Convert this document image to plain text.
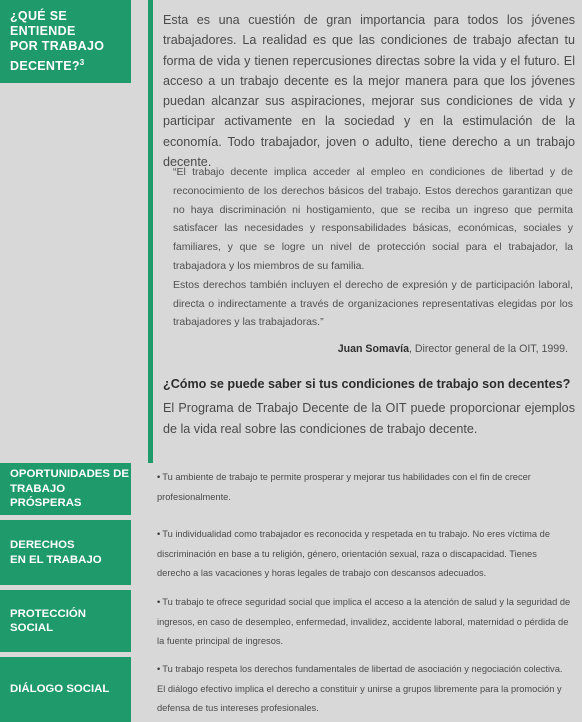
¿QUÉ SE
ENTIENDE
POR TRABAJO
DECENTE?$^3$

Esta es una cuestión de gran importancia para todos los jóvenes trabajadores. La realidad es que las condiciones de trabajo afectan tu forma de vida y tienen repercusiones directas sobre la vida y el futuro. El acceso a un trabajo decente es la mejor manera para que los jóvenes puedan alcanzar sus aspiraciones, mejorar sus condiciones de vida y participar activamente en la sociedad y en la estimulación de la economía. Todo trabajador, joven o adulto, tiene derecho a un trabajo decente.

“El trabajo decente implica acceder al empleo en condiciones de libertad y de reconocimiento de los derechos básicos del trabajo. Estos derechos garantizan que no haya discriminación ni hostigamiento, que se reciba un ingreso que permita satisfacer las necesidades y responsabilidades básicas, económicas, sociales y familiares, y que se logre un nivel de protección social para el trabajador, la trabajadora y los miembros de su familia.

Estos derechos también incluyen el derecho de expresión y de participación laboral, directa o indirectamente a través de organizaciones representativas elegidas por los trabajadores y las trabajadoras.”

Juan Somavía, Director general de la OIT, 1999.
¿Cómo se puede saber si tus condiciones de trabajo son decentes?

El Programa de Trabajo Decente de la OIT puede proporcionar ejemplos de la vida real sobre las condiciones de trabajo decente.

OPORTUNIDADES DE
TRABAJO PRÓSPERAS
• Tu ambiente de trabajo te permite prosperar y mejorar tus habilidades con el fin de crecer profesionalmente.
DERECHOS
EN EL TRABAJO
• Tu individualidad como trabajador es reconocida y respetada en tu trabajo. No eres víctima de discriminación en base a tu religión, género, orientación sexual, raza o discapacidad. Tienes derecho a las vacaciones y horas legales de trabajo con descansos adecuados.
PROTECCIÓN SOCIAL
• Tu trabajo te ofrece seguridad social que implica el acceso a la atención de salud y la seguridad de ingresos, en caso de desempleo, enfermedad, invalidez, accidente laboral, maternidad o pérdida de la fuente principal de ingresos.
DIÁLOGO SOCIAL
• Tu trabajo respeta los derechos fundamentales de libertad de asociación y negociación colectiva. El diálogo efectivo implica el derecho a constituir y unirse a grupos libremente para la promoción y defensa de tus intereses profesionales.
